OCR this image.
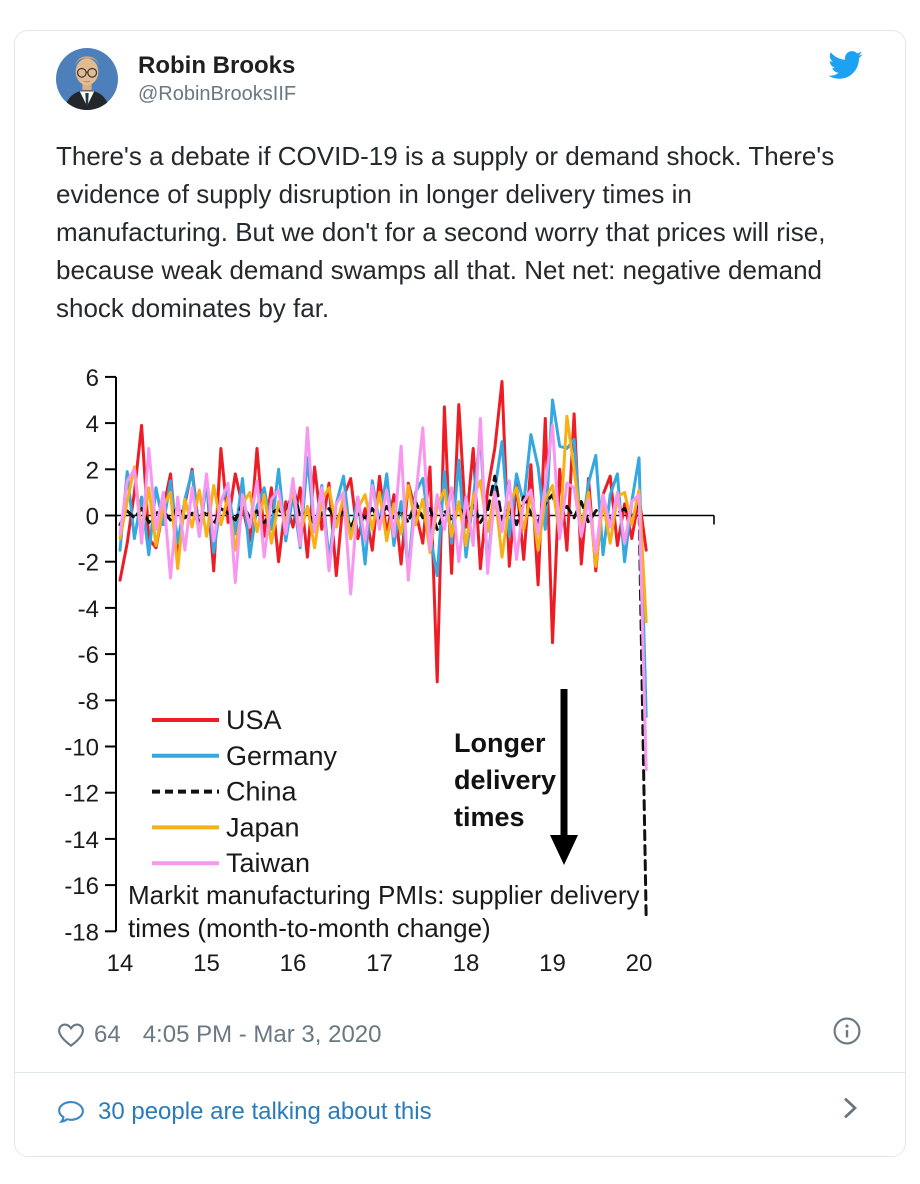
Robin Brooks
@RobinBrooksIIF

There's a debate if COVID-19 is a supply or demand shock. There's evidence of supply disruption in longer delivery times in manufacturing. But we don't for a second worry that prices will rise, because weak demand swamps all that. Net net: negative demand shock dominates by far.

6
4
2
0
-2
-4
-6
-8
-10
-12
-14
-16
-18
14 15 16 17 18 19 20
USA
Germany
China
Japan
Taiwan
Longer
delivery
times
Markit manufacturing PMIs: supplier delivery
times (month-to-month change)
64 4:05 PM - Mar 3, 2020
30 people are talking about this
